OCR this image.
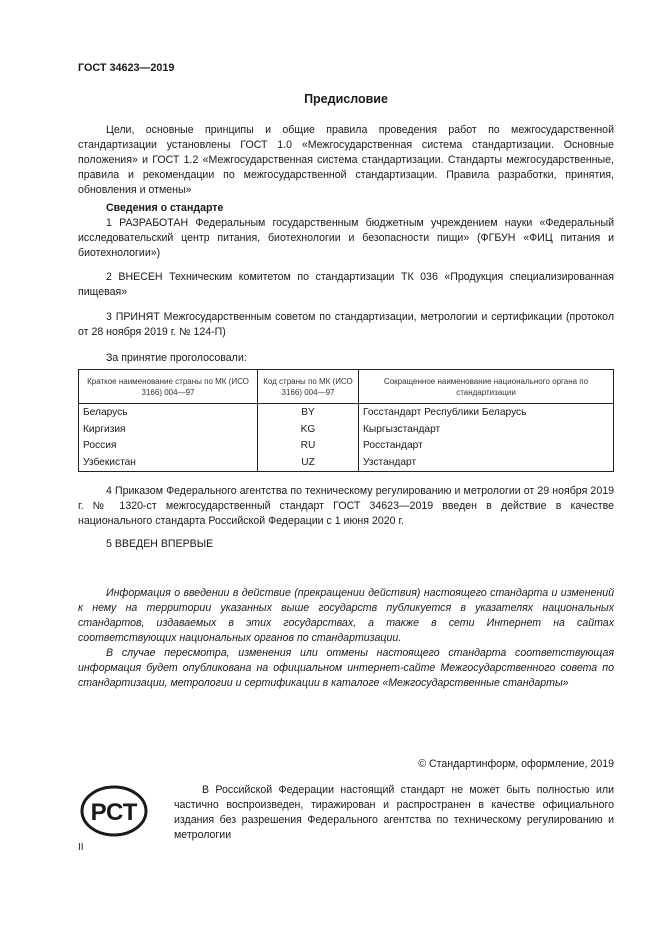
ГОСТ 34623—2019
Предисловие
Цели, основные принципы и общие правила проведения работ по межгосударственной стандартизации установлены ГОСТ 1.0 «Межгосударственная система стандартизации. Основные положения» и ГОСТ 1.2 «Межгосударственная система стандартизации. Стандарты межгосударственные, правила и рекомендации по межгосударственной стандартизации. Правила разработки, принятия, обновления и отмены»
Сведения о стандарте
1 РАЗРАБОТАН Федеральным государственным бюджетным учреждением науки «Федеральный исследовательский центр питания, биотехнологии и безопасности пищи» (ФГБУН «ФИЦ питания и биотехнологии»)
2 ВНЕСЕН Техническим комитетом по стандартизации ТК 036 «Продукция специализированная пищевая»
3 ПРИНЯТ Межгосударственным советом по стандартизации, метрологии и сертификации (протокол от 28 ноября 2019 г. № 124-П)
За принятие проголосовали:
Краткое наименование страны по МК (ИСО 3166) 004—97	Код страны по МК (ИСО 3166) 004—97	Сокращенное наименование национального органа по стандартизации
Беларусь	BY	Госстандарт Республики Беларусь
Киргизия	KG	Кыргызстандарт
Россия	RU	Росстандарт
Узбекистан	UZ	Узстандарт
4 Приказом Федерального агентства по техническому регулированию и метрологии от 29 ноября 2019 г. № 1320-ст межгосударственный стандарт ГОСТ 34623—2019 введен в действие в качестве национального стандарта Российской Федерации с 1 июня 2020 г.
5 ВВЕДЕН ВПЕРВЫЕ
Информация о введении в действие (прекращении действия) настоящего стандарта и изменений к нему на территории указанных выше государств публикуется в указателях национальных стандартов, издаваемых в этих государствах, а также в сети Интернет на сайтах соответствующих национальных органов по стандартизации.
В случае пересмотра, изменения или отмены настоящего стандарта соответствующая информация будет опубликована на официальном интернет-сайте Межгосударственного совета по стандартизации, метрологии и сертификации в каталоге «Межгосударственные стандарты»
© Стандартинформ, оформление, 2019
РСТ
В Российской Федерации настоящий стандарт не может быть полностью или частично воспроизведен, тиражирован и распространен в качестве официального издания без разрешения Федерального агентства по техническому регулированию и метрологии
II
